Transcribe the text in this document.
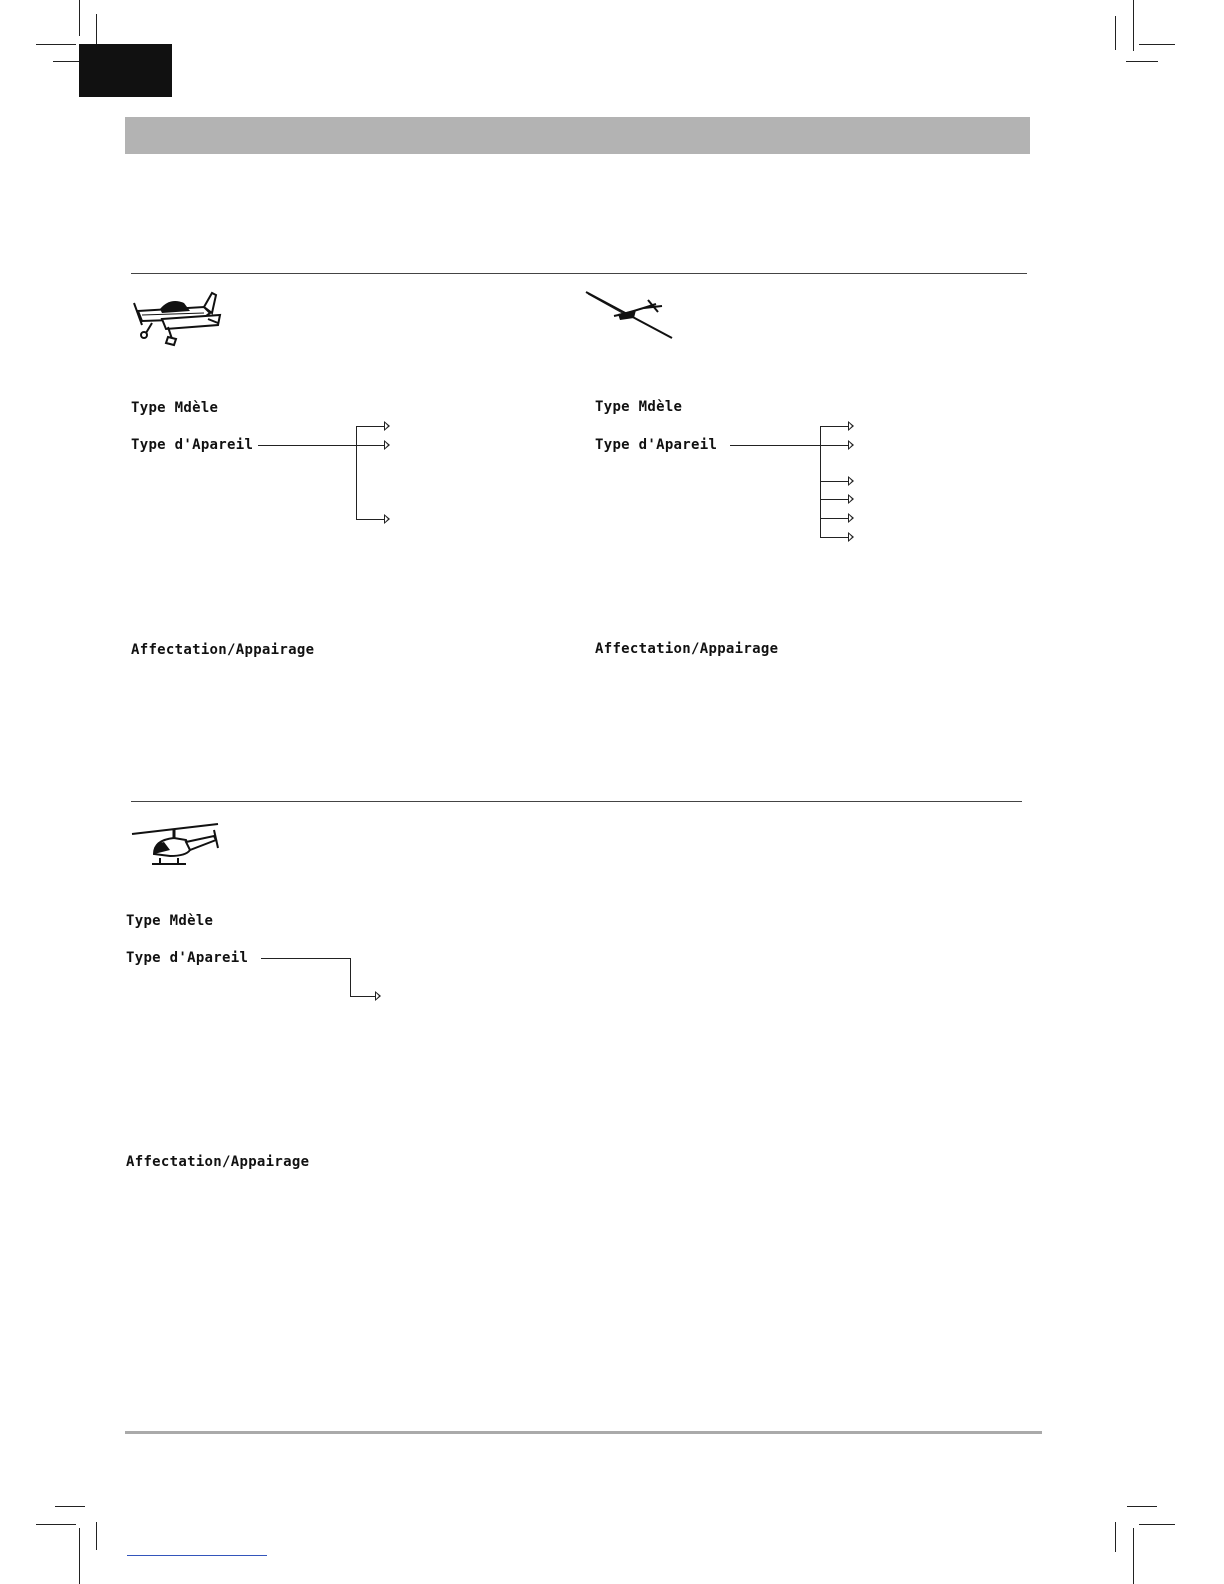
Type Mdèle
Type d'Apareil
Affectation/Appairage
Type Mdèle
Type d'Apareil
Affectation/Appairage
Type Mdèle
Type d'Apareil
Affectation/Appairage
